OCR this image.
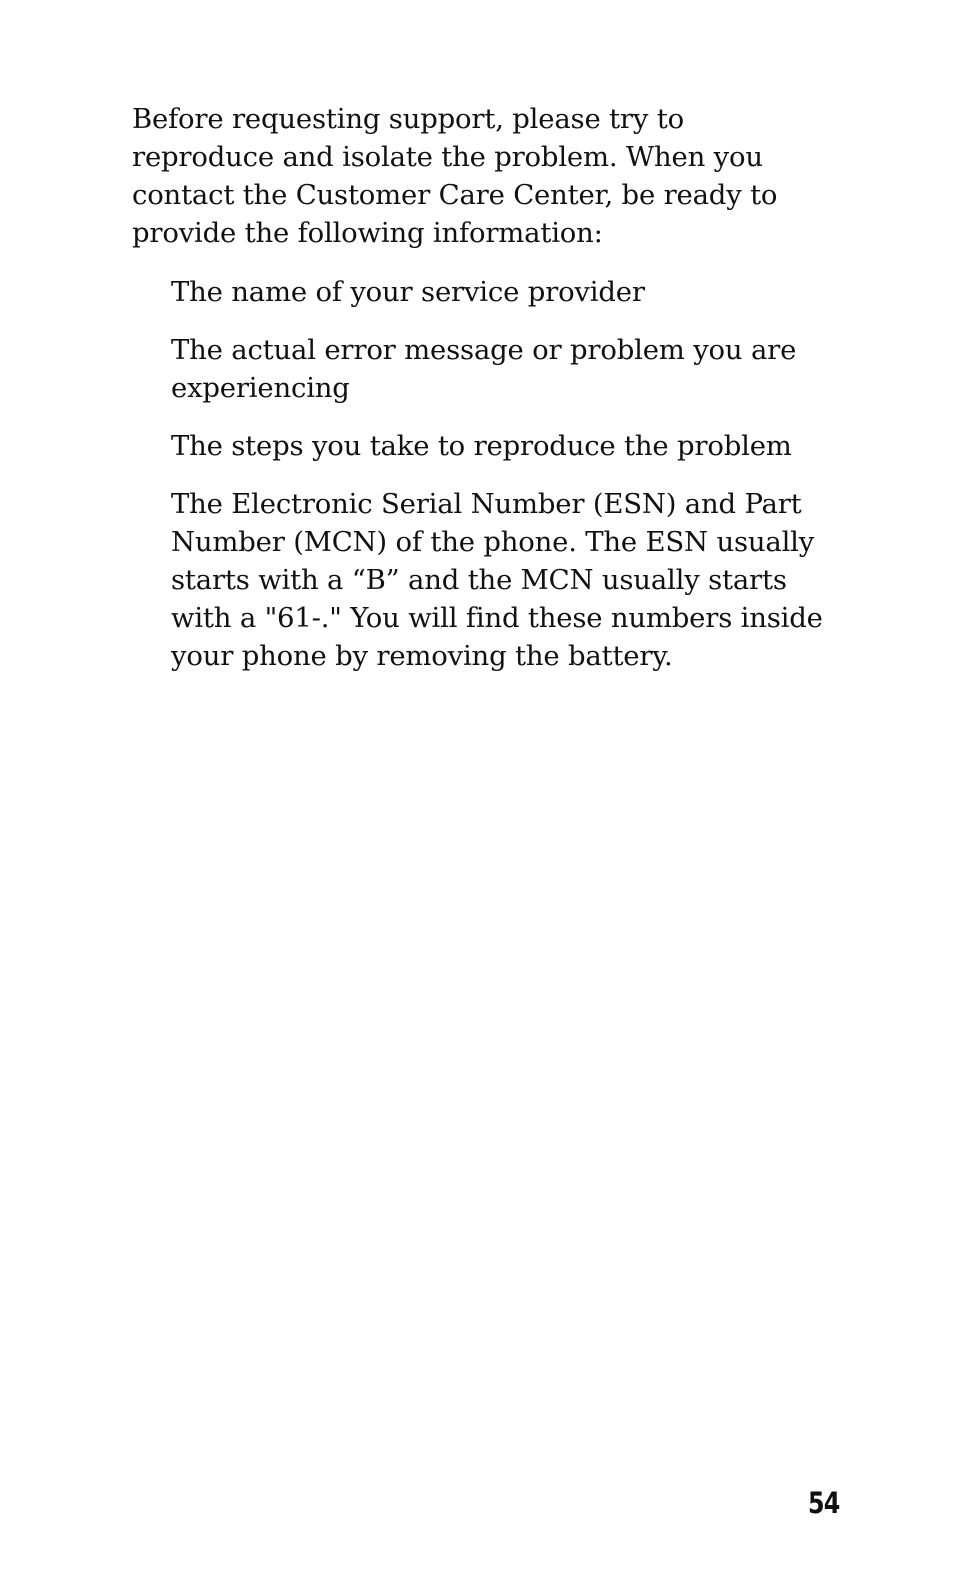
Before requesting support, please try to reproduce and isolate the problem. When you contact the Customer Care Center, be ready to provide the following information:

The name of your service provider
The actual error message or problem you are experiencing
The steps you take to reproduce the problem
The Electronic Serial Number (ESN) and Part Number (MCN) of the phone. The ESN usually starts with a “B” and the MCN usually starts with a "61-." You will find these numbers inside your phone by removing the battery.
54
